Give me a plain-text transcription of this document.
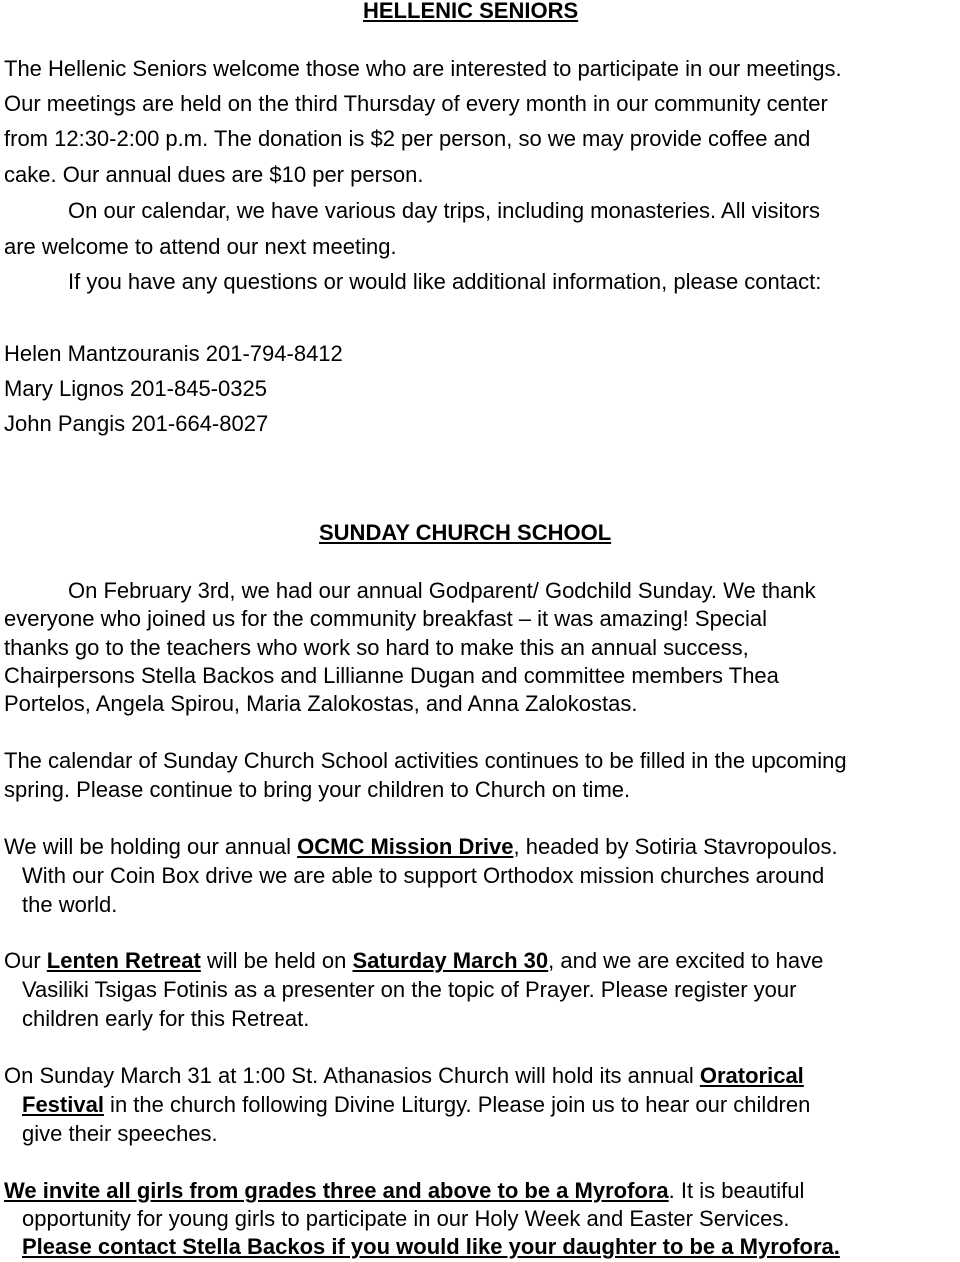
HELLENIC SENIORS
The Hellenic Seniors welcome those who are interested to participate in our meetings.
Our meetings are held on the third Thursday of every month in our community center
from 12:30-2:00 p.m. The donation is $2 per person, so we may provide coffee and
cake. Our annual dues are $10 per person.
On our calendar, we have various day trips, including monasteries. All visitors
are welcome to attend our next meeting.
If you have any questions or would like additional information, please contact:
Helen Mantzouranis 201-794-8412
Mary Lignos 201-845-0325
John Pangis 201-664-8027
SUNDAY CHURCH SCHOOL
On February 3rd, we had our annual Godparent/ Godchild Sunday. We thank
everyone who joined us for the community breakfast – it was amazing! Special
thanks go to the teachers who work so hard to make this an annual success,
Chairpersons Stella Backos and Lillianne Dugan and committee members Thea
Portelos, Angela Spirou, Maria Zalokostas, and Anna Zalokostas.
The calendar of Sunday Church School activities continues to be filled in the upcoming
spring. Please continue to bring your children to Church on time.
We will be holding our annual OCMC Mission Drive, headed by Sotiria Stavropoulos.
With our Coin Box drive we are able to support Orthodox mission churches around
the world.
Our Lenten Retreat will be held on Saturday March 30, and we are excited to have
Vasiliki Tsigas Fotinis as a presenter on the topic of Prayer. Please register your
children early for this Retreat.
On Sunday March 31 at 1:00 St. Athanasios Church will hold its annual Oratorical
Festival in the church following Divine Liturgy. Please join us to hear our children
give their speeches.
We invite all girls from grades three and above to be a Myrofora. It is beautiful
opportunity for young girls to participate in our Holy Week and Easter Services.
Please contact Stella Backos if you would like your daughter to be a Myrofora.
